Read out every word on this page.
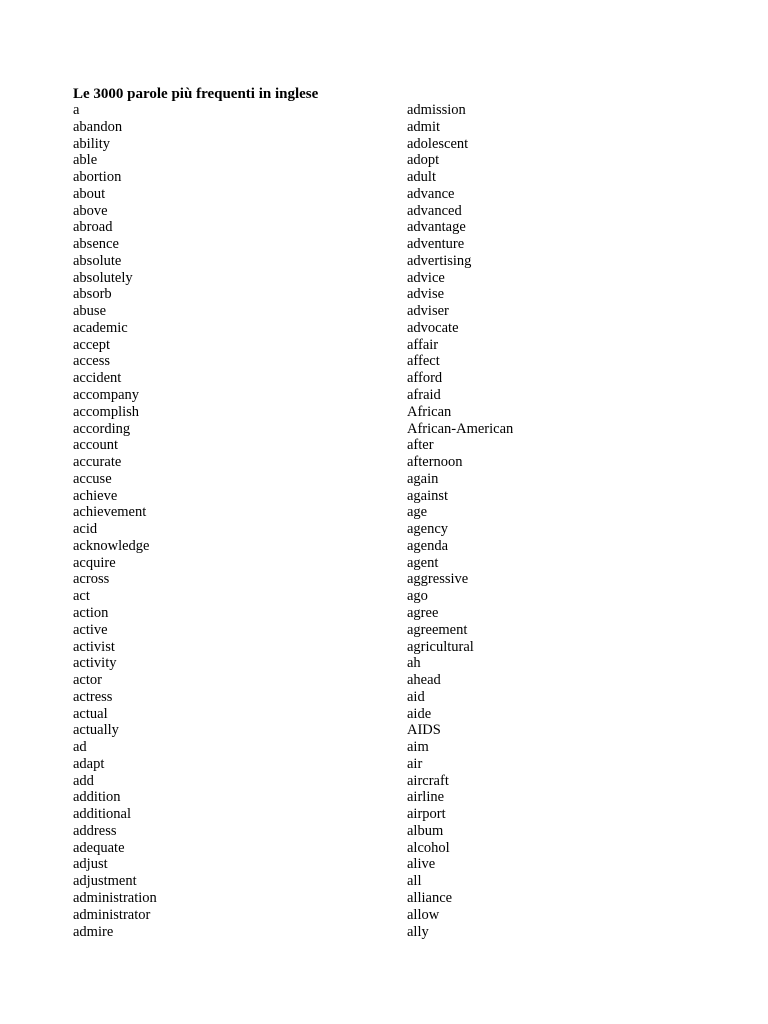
Le 3000 parole più frequenti in inglese
a
abandon
ability
able
abortion
about
above
abroad
absence
absolute
absolutely
absorb
abuse
academic
accept
access
accident
accompany
accomplish
according
account
accurate
accuse
achieve
achievement
acid
acknowledge
acquire
across
act
action
active
activist
activity
actor
actress
actual
actually
ad
adapt
add
addition
additional
address
adequate
adjust
adjustment
administration
administrator
admire
admission
admit
adolescent
adopt
adult
advance
advanced
advantage
adventure
advertising
advice
advise
adviser
advocate
affair
affect
afford
afraid
African
African-American
after
afternoon
again
against
age
agency
agenda
agent
aggressive
ago
agree
agreement
agricultural
ah
ahead
aid
aide
AIDS
aim
air
aircraft
airline
airport
album
alcohol
alive
all
alliance
allow
ally
